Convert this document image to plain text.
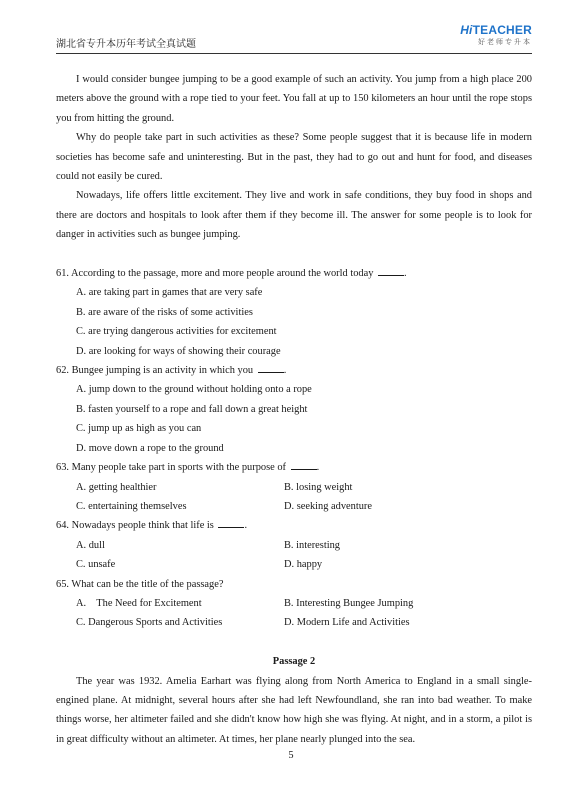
湖北省专升本历年考试全真试题
HiTEACHER
好老师专升本

I would consider bungee jumping to be a good example of such an activity. You jump from a high place 200 meters above the ground with a rope tied to your feet. You fall at up to 150 kilometers an hour until the rope stops you from hitting the ground.

Why do people take part in such activities as these? Some people suggest that it is because life in modern societies has become safe and uninteresting. But in the past, they had to go out and hunt for food, and diseases could not easily be cured.

Nowadays, life offers little excitement. They live and work in safe conditions, they buy food in shops and there are doctors and hospitals to look after them if they become ill. The answer for some people is to look for danger in activities such as bungee jumping.

61. According to the passage, more and more people around the world today	.

A. are taking part in games that are very safe

B. are aware of the risks of some activities

C. are trying dangerous activities for excitement

D. are looking for ways of showing their courage

62. Bungee jumping is an activity in which you	.

A. jump down to the ground without holding onto a rope

B. fasten yourself to a rope and fall down a great height

C. jump up as high as you can

D. move down a rope to the ground

63. Many people take part in sports with the purpose of	.

A. getting healthier	B. losing weight
C. entertaining themselves	D. seeking adventure

64. Nowadays people think that life is	.

A. dull	B. interesting
C. unsafe	D. happy

65. What can be the title of the passage?

A.    The Need for Excitement	B. Interesting Bungee Jumping
C. Dangerous Sports and Activities	D. Modern Life and Activities

Passage 2

The year was 1932. Amelia Earhart was flying along from North America to England in a small single-engined plane. At midnight, several hours after she had left Newfoundland, she ran into bad weather. To make things worse, her altimeter failed and she didn't know how high she was flying. At night, and in a storm, a pilot is in great difficulty without an altimeter. At times, her plane nearly plunged into the sea.

5
